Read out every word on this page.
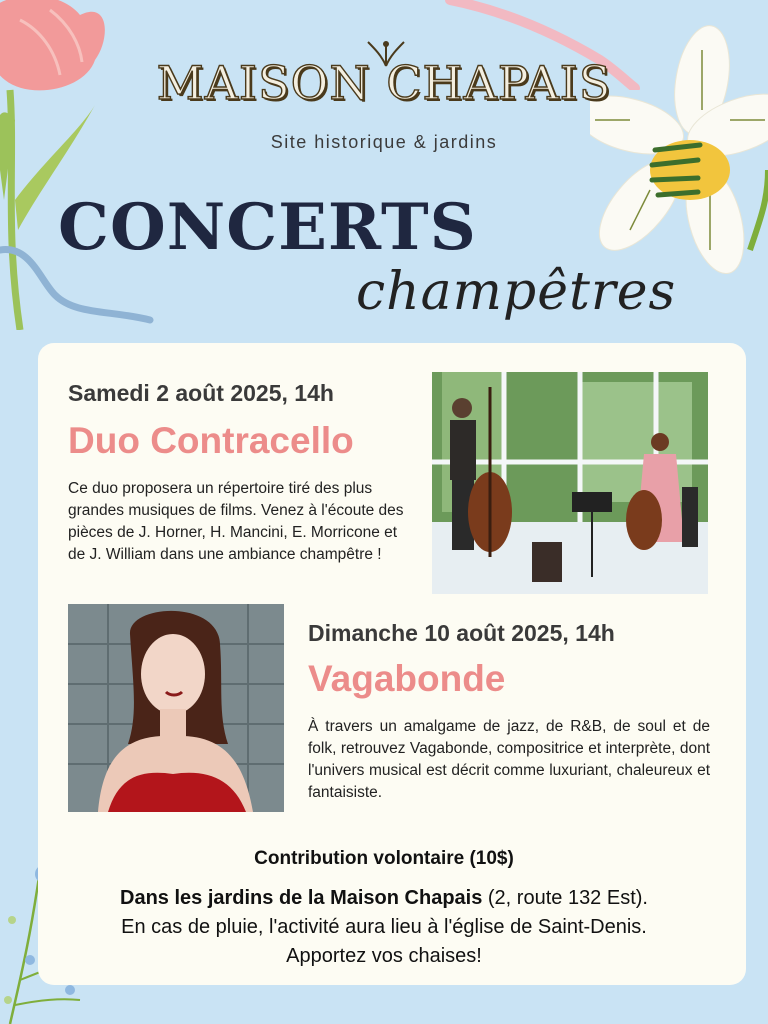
MAISON CHAPAIS
Site historique & jardins
CONCERTS
champêtres
Samedi 2 août 2025, 14h
Duo Contracello
Ce duo proposera un répertoire tiré des plus grandes musiques de films. Venez à l'écoute des pièces de J. Horner, H. Mancini, E. Morricone et de J. William dans une ambiance champêtre !
Dimanche 10 août 2025, 14h
Vagabonde
À travers un amalgame de jazz, de R&B, de soul et de folk, retrouvez Vagabonde, compositrice et interprète, dont l'univers musical est décrit comme luxuriant, chaleureux et fantaisiste.
Contribution volontaire (10$)
Dans les jardins de la Maison Chapais (2, route 132 Est).
En cas de pluie, l'activité aura lieu à l'église de Saint-Denis.
Apportez vos chaises!
